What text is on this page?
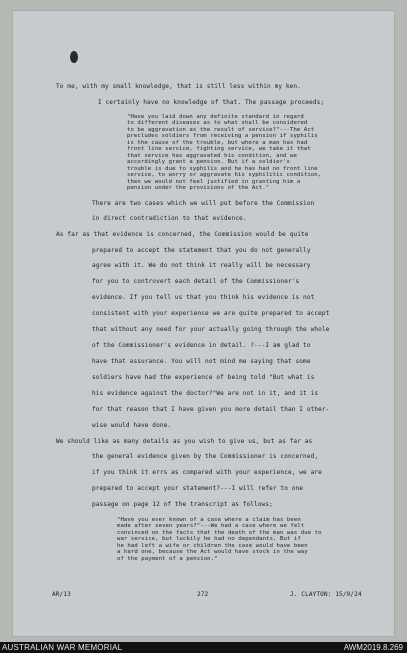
To me, with my small knowledge, that is still less within my ken.
I certainly have no knowledge of that. The passage proceeds;
"Have you laid down any definite standard in regard
to different diseases as to what shall be considered
to be aggravation as the result of service?"---The Act
precludes soldiers from receiving a pension if syphilis
is the cause of the trouble, but where a man has had
front line service, fighting service, we take it that
that service has aggravated his condition, and we
accordingly grant a pension. But if a soldier's
trouble is due to syphilis and he has had no front line
service, to worry or aggravate his syphilitic condition,
then we would not feel justified in granting him a
pension under the provisions of the Act."
There are two cases which we will put before the Commission
in direct contradiction to that evidence.
As far as that evidence is concerned, the Commission would be quite
prepared to accept the statement that you do not generally
agree with it. We do not think it really will be necessary
for you to controvert each detail of the Commissioner's
evidence. If you tell us that you think his evidence is not
consistent with your experience we are quite prepared to accept
that without any need for your actually going through the whole
of the Commissioner's evidence in detail. ?---I am glad to
have that assurance. You will not mind me saying that some
soldiers have had the experience of being told "But what is
his evidence against the doctor?"We are not in it, and it is
for that reason that I have given you more detail than I other-
wise would have done.
We should like as many details as you wish to give us, but as far as
the general evidence given by the Commissioner is concerned,
if you think it errs as compared with your experience, we are
prepared to accept your statement?---I will refer to one
passage on page 12 of the transcript as follows;
"Have you ever known of a case where a claim has been
made after seven years?"---We had a case where we felt
convinced on the facts that the death of the man was due to
war service, but luckily he had no dependants. But if
he had left a wife or children the case would have been
a hard one, because the Act would have stock in the way
of the payment of a pension."
AR/13	272	J. CLAYTON: 15/9/24
AUSTRALIAN WAR MEMORIAL	AWM2019.8.269
